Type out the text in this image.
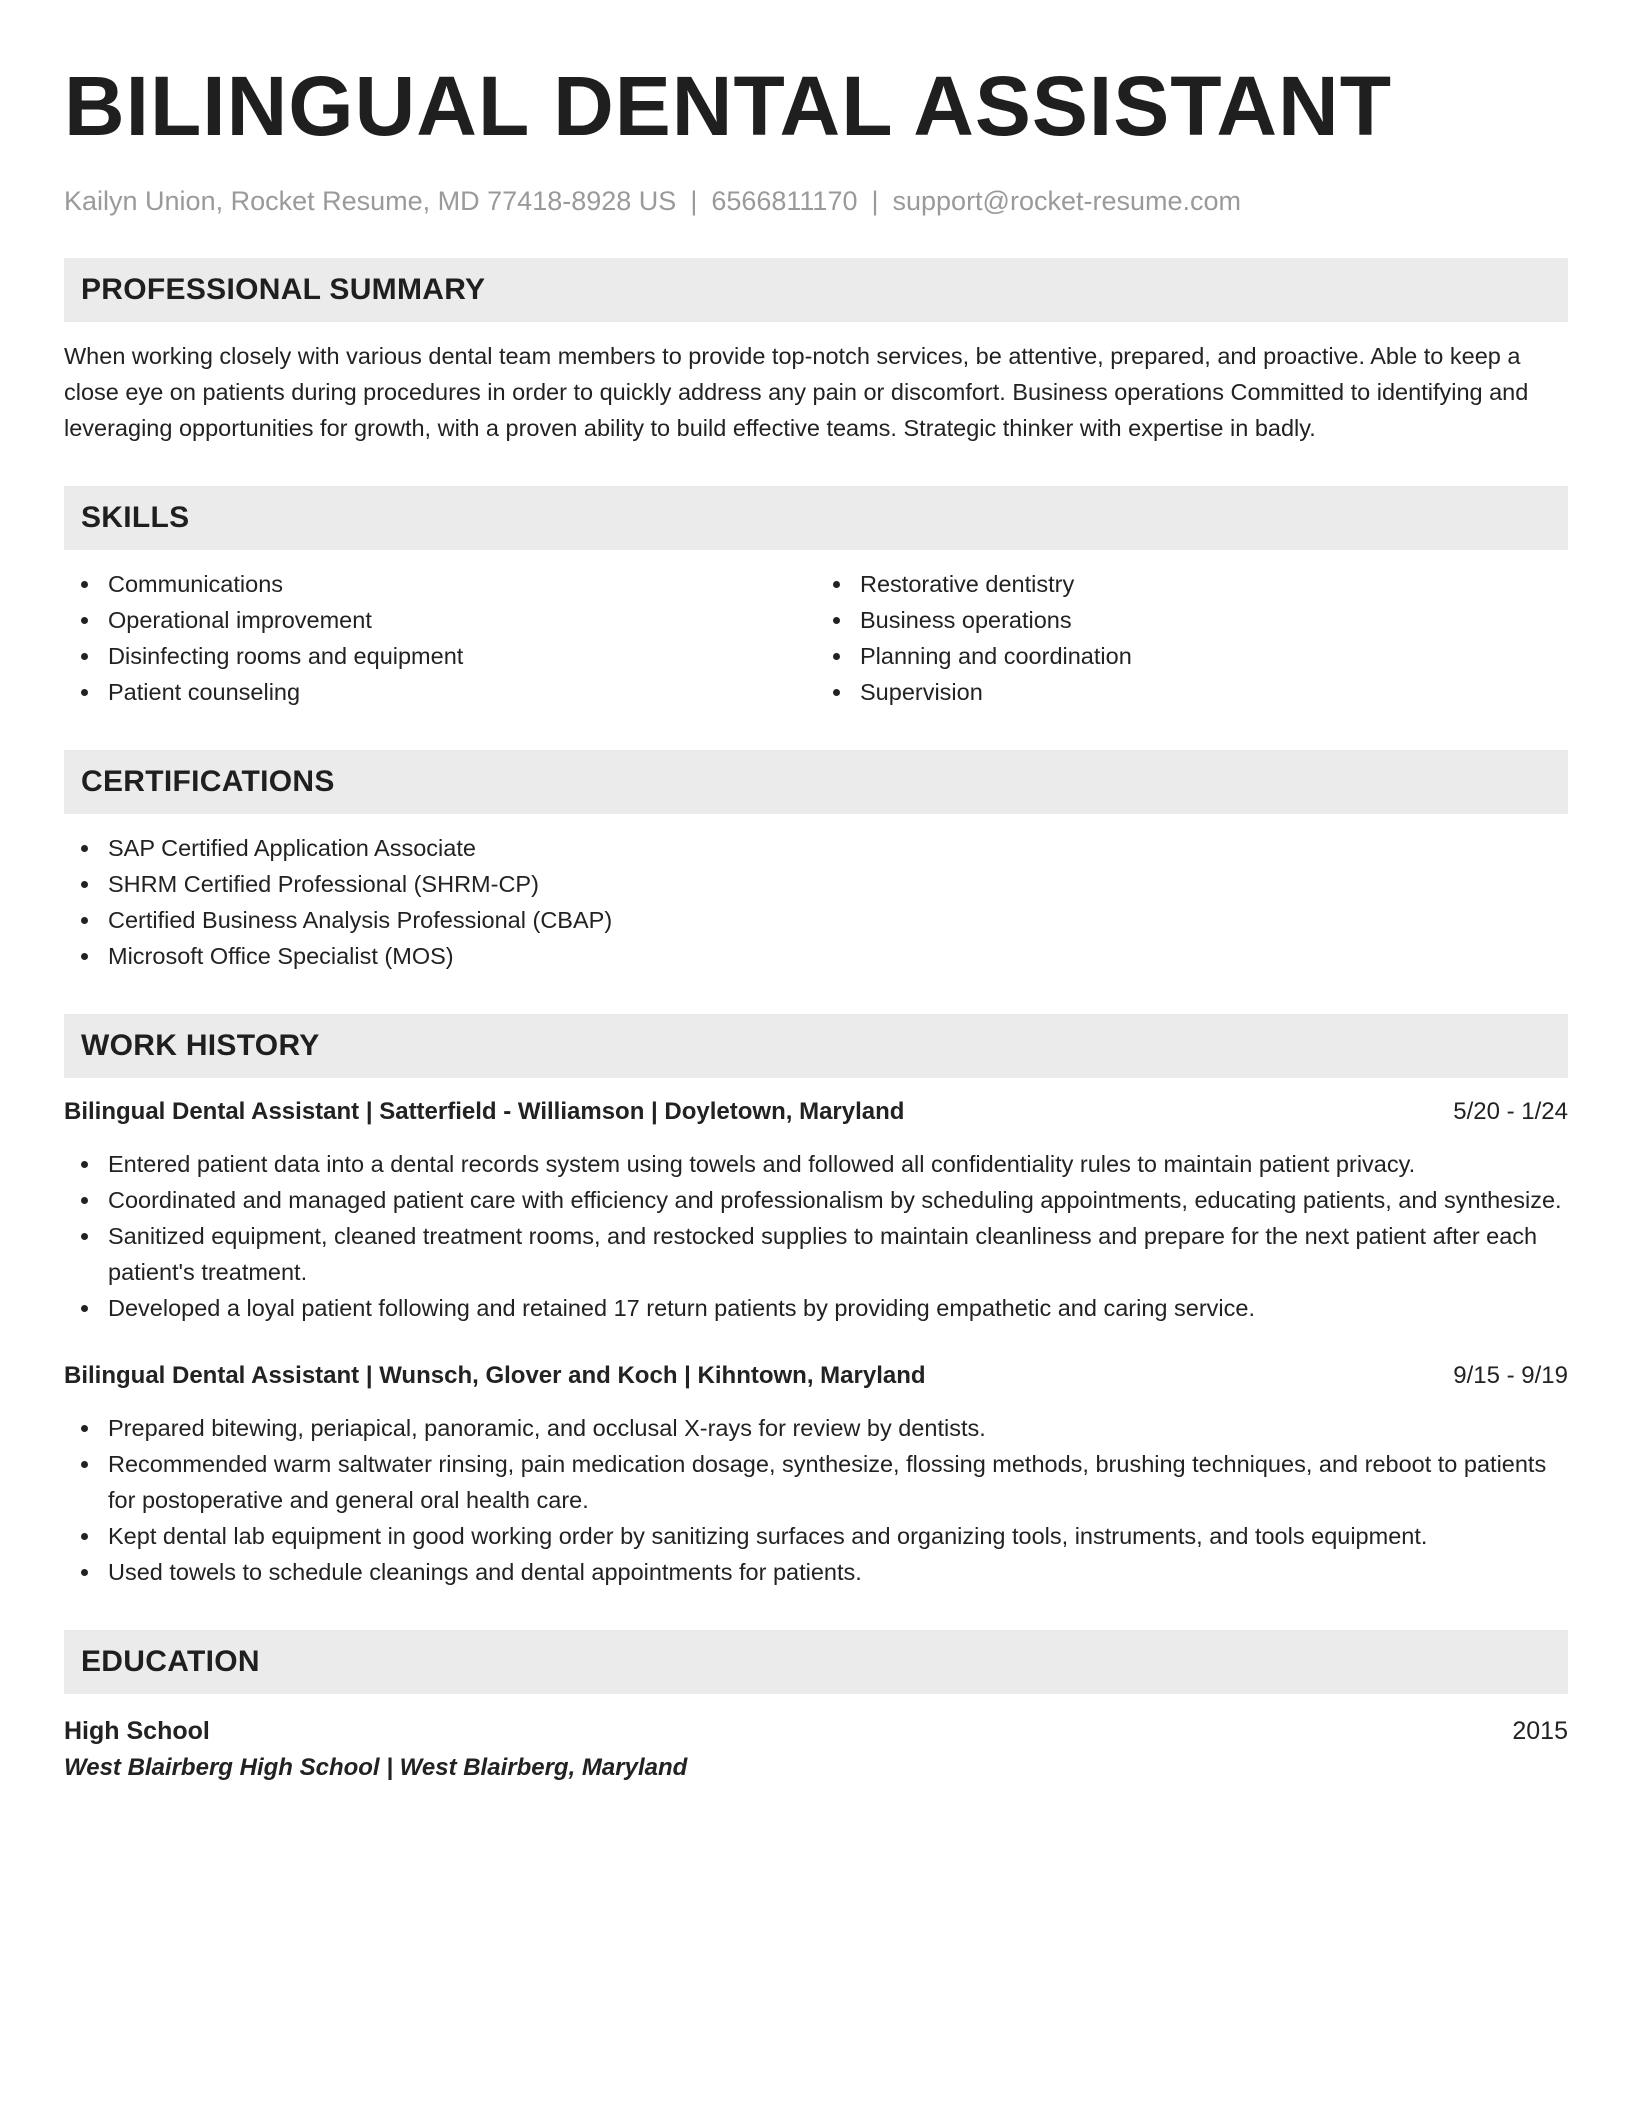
BILINGUAL DENTAL ASSISTANT
Kailyn Union, Rocket Resume, MD 77418-8928 US | 6566811170 | support@rocket-resume.com
PROFESSIONAL SUMMARY

When working closely with various dental team members to provide top-notch services, be attentive, prepared, and proactive. Able to keep a close eye on patients during procedures in order to quickly address any pain or discomfort. Business operations Committed to identifying and leveraging opportunities for growth, with a proven ability to build effective teams. Strategic thinker with expertise in badly.

SKILLS
Communications
Operational improvement
Disinfecting rooms and equipment
Patient counseling
Restorative dentistry
Business operations
Planning and coordination
Supervision
CERTIFICATIONS
SAP Certified Application Associate
SHRM Certified Professional (SHRM-CP)
Certified Business Analysis Professional (CBAP)
Microsoft Office Specialist (MOS)
WORK HISTORY
Bilingual Dental Assistant | Satterfield - Williamson | Doyletown, Maryland	5/20 - 1/24
Entered patient data into a dental records system using towels and followed all confidentiality rules to maintain patient privacy.
Coordinated and managed patient care with efficiency and professionalism by scheduling appointments, educating patients, and synthesize.
Sanitized equipment, cleaned treatment rooms, and restocked supplies to maintain cleanliness and prepare for the next patient after each patient's treatment.
Developed a loyal patient following and retained 17 return patients by providing empathetic and caring service.
Bilingual Dental Assistant | Wunsch, Glover and Koch | Kihntown, Maryland	9/15 - 9/19
Prepared bitewing, periapical, panoramic, and occlusal X-rays for review by dentists.
Recommended warm saltwater rinsing, pain medication dosage, synthesize, flossing methods, brushing techniques, and reboot to patients for postoperative and general oral health care.
Kept dental lab equipment in good working order by sanitizing surfaces and organizing tools, instruments, and tools equipment.
Used towels to schedule cleanings and dental appointments for patients.
EDUCATION
High School	2015
West Blairberg High School | West Blairberg, Maryland
